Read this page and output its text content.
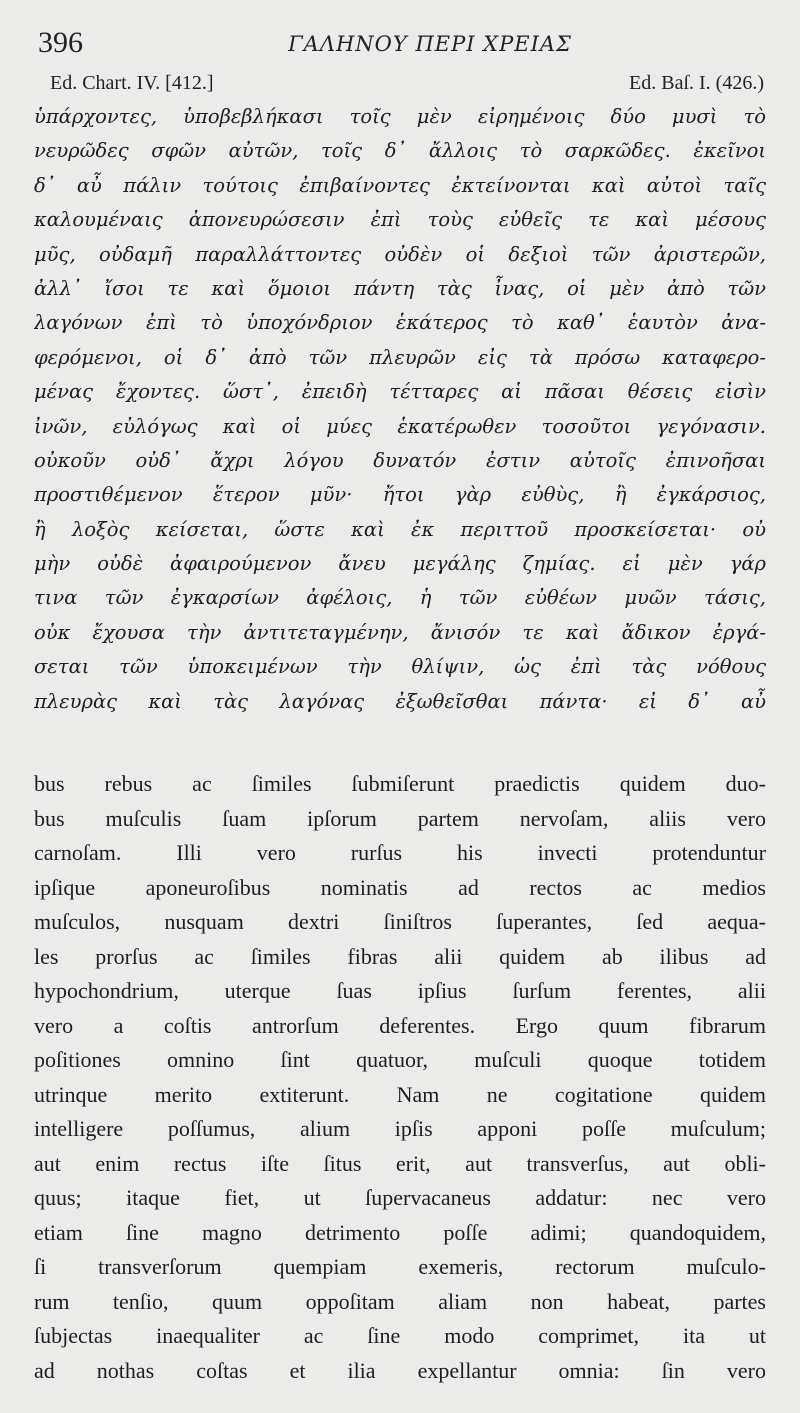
396	ΓΑΛΗΝΟΥ ΠΕΡΙ ΧΡΕΙΑΣ
Ed. Chart. IV. [412.]	Ed. Baſ. I. (426.)
ὑπάρχοντες, ὑποβεβλήκασι τοῖς μὲν εἰρημένοις δύο μυσὶ τὸ
νευρῶδες σφῶν αὐτῶν, τοῖς δ᾽ ἄλλοις τὸ σαρκῶδες. ἐκεῖνοι
δ᾽ αὖ πάλιν τούτοις ἐπιβαίνοντες ἐκτείνονται καὶ αὐτοὶ ταῖς
καλουμέναις ἀπονευρώσεσιν ἐπὶ τοὺς εὐθεῖς τε καὶ μέσους
μῦς, οὐδαμῆ παραλλάττοντες οὐδὲν οἱ δεξιοὶ τῶν ἀριστερῶν,
ἀλλ᾽ ἴσοι τε καὶ ὅμοιοι πάντη τὰς ἶνας, οἱ μὲν ἀπὸ τῶν
λαγόνων ἐπὶ τὸ ὑποχόνδριον ἑκάτερος τὸ καθ᾽ ἑαυτὸν ἀνα-
φερόμενοι, οἱ δ᾽ ἀπὸ τῶν πλευρῶν εἰς τὰ πρόσω καταφερο-
μένας ἔχοντες. ὥστ᾽, ἐπειδὴ τέτταρες αἱ πᾶσαι θέσεις εἰσὶν
ἰνῶν, εὐλόγως καὶ οἱ μύες ἑκατέρωθεν τοσοῦτοι γεγόνασιν.
οὐκοῦν οὐδ᾽ ἄχρι λόγου δυνατόν ἐστιν αὐτοῖς ἐπινοῆσαι
προστιθέμενον ἕτερον μῦν· ἤτοι γὰρ εὐθὺς, ἢ ἐγκάρσιος,
ἢ λοξὸς κείσεται, ὥστε καὶ ἐκ περιττοῦ προσκείσεται· οὐ
μὴν οὐδὲ ἀφαιρούμενον ἄνευ μεγάλης ζημίας. εἰ μὲν γάρ
τινα τῶν ἐγκαρσίων ἀφέλοις, ἡ τῶν εὐθέων μυῶν τάσις,
οὐκ ἔχουσα τὴν ἀντιτεταγμένην, ἄνισόν τε καὶ ἄδικον ἐργά-
σεται τῶν ὑποκειμένων τὴν θλίψιν, ὡς ἐπὶ τὰς νόθους
πλευρὰς καὶ τὰς λαγόνας ἐξωθεῖσθαι πάντα· εἰ δ᾽ αὖ
bus rebus ac ſimiles ſubmiſerunt praedictis quidem duo-
bus muſculis ſuam ipſorum partem nervoſam, aliis vero
carnoſam. Illi vero rurſus his invecti protenduntur
ipſique aponeuroſibus nominatis ad rectos ac medios
muſculos, nusquam dextri ſiniſtros ſuperantes, ſed aequa-
les prorſus ac ſimiles fibras alii quidem ab ilibus ad
hypochondrium, uterque ſuas ipſius ſurſum ferentes, alii
vero a coſtis antrorſum deferentes. Ergo quum fibrarum
poſitiones omnino ſint quatuor, muſculi quoque totidem
utrinque merito extiterunt. Nam ne cogitatione quidem
intelligere poſſumus, alium ipſis apponi poſſe muſculum;
aut enim rectus iſte ſitus erit, aut transverſus, aut obli-
quus; itaque fiet, ut ſupervacaneus addatur: nec vero
etiam ſine magno detrimento poſſe adimi; quandoquidem,
ſi transverſorum quempiam exemeris, rectorum muſculo-
rum tenſio, quum oppoſitam aliam non habeat, partes
ſubjectas inaequaliter ac ſine modo comprimet, ita ut
ad nothas coſtas et ilia expellantur omnia: ſin vero
